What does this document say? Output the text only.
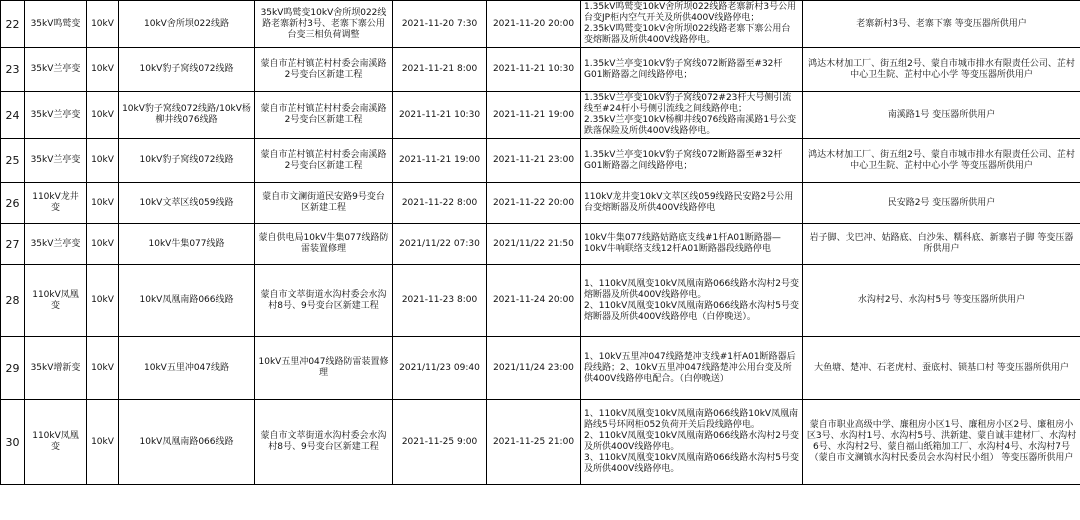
22	35kV鸣鹫变	10kV	10kV舍所坝022线路	35kV鸣鹫变10kV舍所坝022线路老寨新村3号、老寨下寨公用台变三相负荷调整	2021-11-20 7:30	2021-11-20 20:00	1.35kV鸣鹫变10kV舍所坝022线路老寨新村3号公用台变JP柜内空气开关及所供400V线路停电；
2.35kV鸣鹫变10kV舍所坝022线路老寨下寨公用台变熔断器及所供400V线路停电。	老寨新村3号、老寨下寨 等变压器所供用户
23	35kV兰亭变	10kV	10kV豹子窝线072线路	蒙自市芷村镇芷村村委会南溪路2号变台区新建工程	2021-11-21 8:00	2021-11-21 10:30	1.35kV兰亭变10kV豹子窝线072断路器至#32杆G01断路器之间线路停电；	鸿达木材加工厂、街五组2号、蒙自市城市排水有限责任公司、芷村中心卫生院、芷村中心小学 等变压器所供用户
24	35kV兰亭变	10kV	10kV豹子窝线072线路/10kV杨柳井线076线路	蒙自市芷村镇芷村村委会南溪路2号变台区新建工程	2021-11-21 10:30	2021-11-21 19:00	1.35kV兰亭变10kV豹子窝线072#23杆大号侧引流线至#24杆小号侧引流线之间线路停电；
2.35kV兰亭变10kV杨柳井线076线路南溪路1号公变跌落保险及所供400V线路停电。	南溪路1号 变压器所供用户
25	35kV兰亭变	10kV	10kV豹子窝线072线路	蒙自市芷村镇芷村村委会南溪路2号变台区新建工程	2021-11-21 19:00	2021-11-21 23:00	1.35kV兰亭变10kV豹子窝线072断路器至#32杆G01断路器之间线路停电；	鸿达木材加工厂、街五组2号、蒙自市城市排水有限责任公司、芷村中心卫生院、芷村中心小学 等变压器所供用户
26	110kV龙井变	10kV	10kV文萃区线059线路	蒙自市文澜街道民安路9号变台区新建工程	2021-11-22 8:00	2021-11-22 20:00	110kV龙井变10kV文萃区线059线路民安路2号公用台变熔断器及所供400V线路停电	民安路2号 变压器所供用户
27	35kV兰亭变	10kV	10kV牛集077线路	蒙自供电局10kV牛集077线路防雷装置修理	2021/11/22 07:30	2021/11/22 21:50	10kV牛集077线路姑路底支线#1杆A01断路器—10kV牛响联络支线12杆A01断路器段线路停电	岩子脚、戈巴冲、姑路底、白沙朱、糯科底、新寨岩子脚 等变压器所供用户
28	110kV凤凰变	10kV	10kV凤凰南路066线路	蒙自市文萃街道水沟村委会水沟村8号、9号变台区新建工程	2021-11-23 8:00	2021-11-24 20:00	1、110kV凤凰变10kV凤凰南路066线路水沟村2号变熔断器及所供400V线路停电。
2、110kV凤凰变10kV凤凰南路066线路水沟村5号变熔断器及所供400V线路停电（白停晚送）。	水沟村2号、水沟村5号 等变压器所供用户
29	35kV增新变	10kV	10kV五里冲047线路	10kV五里冲047线路防雷装置修理	2021/11/23 09:40	2021/11/24 23:00	1、10kV五里冲047线路楚冲支线#1杆A01断路器后段线路；2、10kV五里冲047线路楚冲公用台变及所供400V线路停电配合。（白停晚送）	大鱼塘、楚冲、石老虎村、蚕底村、锁基口村 等变压器所供用户
30	110kV凤凰变	10kV	10kV凤凰南路066线路	蒙自市文萃街道水沟村委会水沟村8号、9号变台区新建工程	2021-11-25 9:00	2021-11-25 21:00	1、110kV凤凰变10kV凤凰南路066线路10kV凤凰南路线5号环网柜052负荷开关后段线路停电。
2、110kV凤凰变10kV凤凰南路066线路水沟村2号变及所供400V线路停电。
3、110kV凤凰变10kV凤凰南路066线路水沟村5号变及所供400V线路停电。	蒙自市职业高级中学、廉租房小区1号、廉租房小区2号、廉租房小区3号、水沟村1号、水沟村5号、洪新建、蒙自诚丰建材厂、水沟村6号、水沟村2号、蒙自福山纸箱加工厂、水沟村4号、水沟村7号（蒙自市文澜镇水沟村民委员会水沟村民小组） 等变压器所供用户
